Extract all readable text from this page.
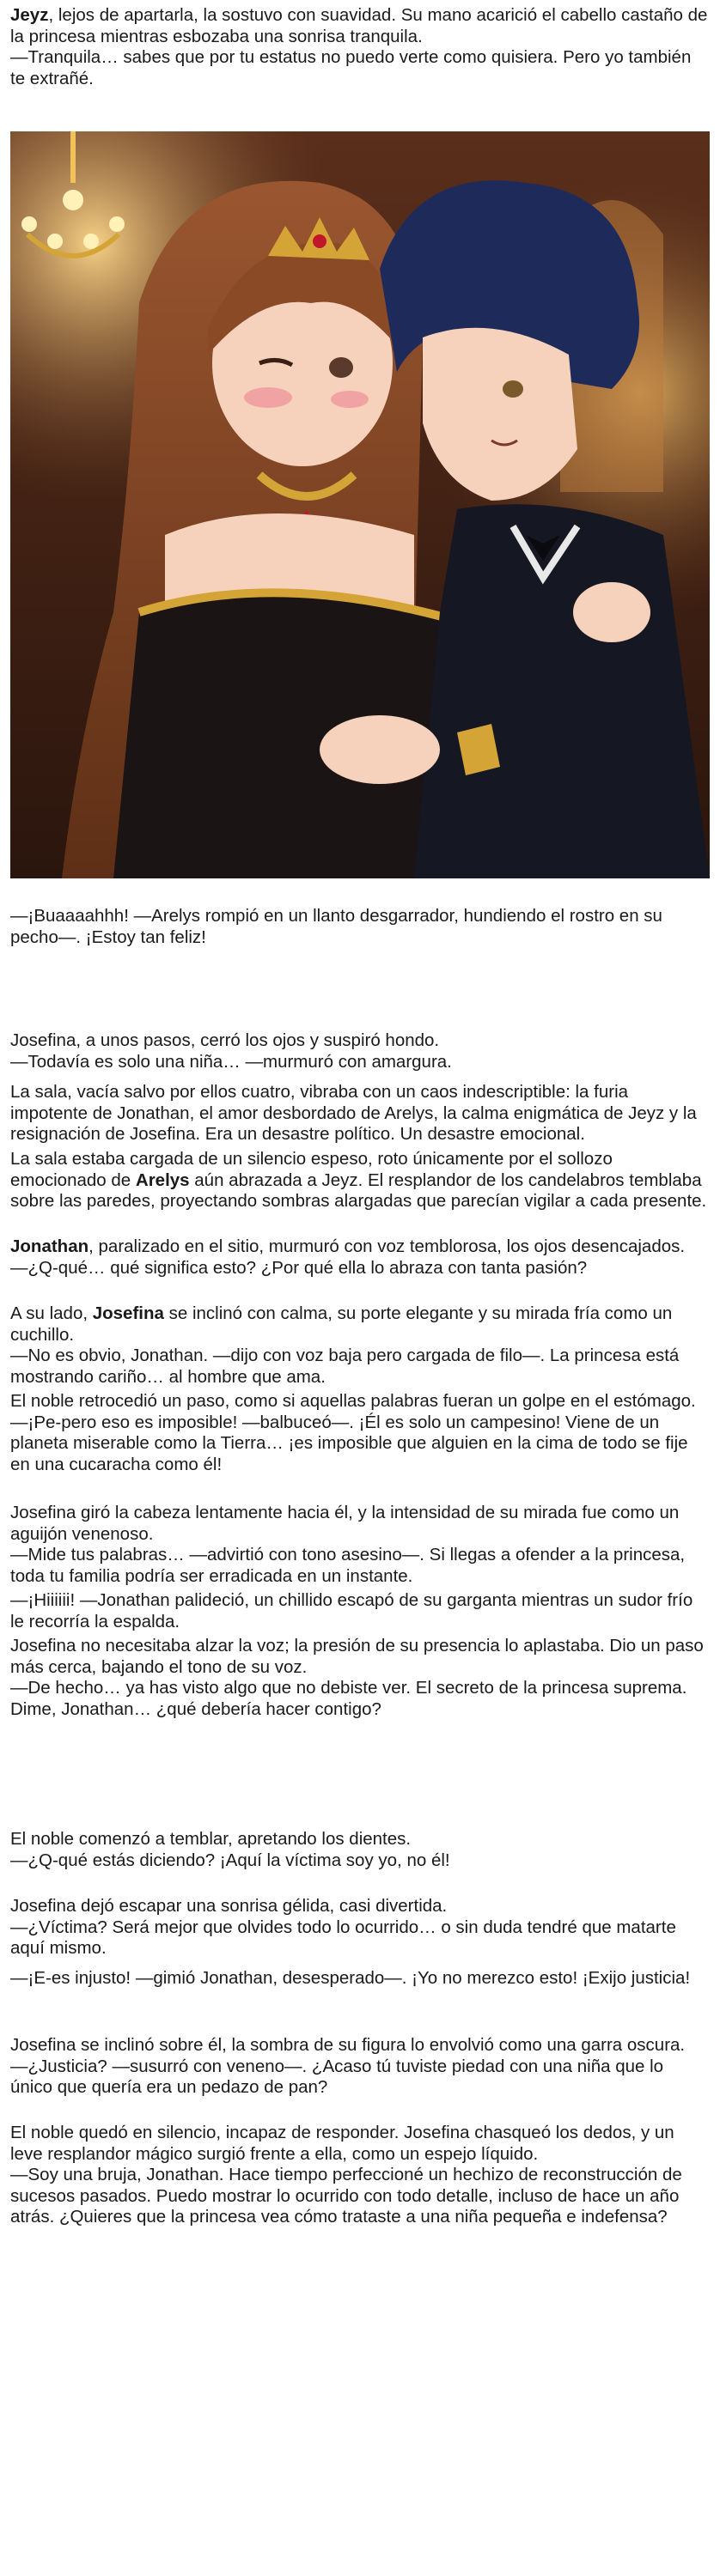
Jeyz, lejos de apartarla, la sostuvo con suavidad. Su mano acarició el cabello castaño de la princesa mientras esbozaba una sonrisa tranquila.
—Tranquila… sabes que por tu estatus no puedo verte como quisiera. Pero yo también te extrañé.

—¡Buaaaahhh! —Arelys rompió en un llanto desgarrador, hundiendo el rostro en su pecho—. ¡Estoy tan feliz!

Josefina, a unos pasos, cerró los ojos y suspiró hondo.
—Todavía es solo una niña… —murmuró con amargura.

La sala, vacía salvo por ellos cuatro, vibraba con un caos indescriptible: la furia impotente de Jonathan, el amor desbordado de Arelys, la calma enigmática de Jeyz y la resignación de Josefina. Era un desastre político. Un desastre emocional.

La sala estaba cargada de un silencio espeso, roto únicamente por el sollozo emocionado de Arelys aún abrazada a Jeyz. El resplandor de los candelabros temblaba sobre las paredes, proyectando sombras alargadas que parecían vigilar a cada presente.

Jonathan, paralizado en el sitio, murmuró con voz temblorosa, los ojos desencajados.
—¿Q-qué… qué significa esto? ¿Por qué ella lo abraza con tanta pasión?

A su lado, Josefina se inclinó con calma, su porte elegante y su mirada fría como un cuchillo.
—No es obvio, Jonathan. —dijo con voz baja pero cargada de filo—. La princesa está mostrando cariño… al hombre que ama.

El noble retrocedió un paso, como si aquellas palabras fueran un golpe en el estómago.
—¡Pe-pero eso es imposible! —balbuceó—. ¡Él es solo un campesino! Viene de un planeta miserable como la Tierra… ¡es imposible que alguien en la cima de todo se fije en una cucaracha como él!

Josefina giró la cabeza lentamente hacia él, y la intensidad de su mirada fue como un aguijón venenoso.
—Mide tus palabras… —advirtió con tono asesino—. Si llegas a ofender a la princesa, toda tu familia podría ser erradicada en un instante.

—¡Hiiiiii! —Jonathan palideció, un chillido escapó de su garganta mientras un sudor frío le recorría la espalda.

Josefina no necesitaba alzar la voz; la presión de su presencia lo aplastaba. Dio un paso más cerca, bajando el tono de su voz.
—De hecho… ya has visto algo que no debiste ver. El secreto de la princesa suprema. Dime, Jonathan… ¿qué debería hacer contigo?

El noble comenzó a temblar, apretando los dientes.
—¿Q-qué estás diciendo? ¡Aquí la víctima soy yo, no él!

Josefina dejó escapar una sonrisa gélida, casi divertida.
—¿Víctima? Será mejor que olvides todo lo ocurrido… o sin duda tendré que matarte aquí mismo.

—¡E-es injusto! —gimió Jonathan, desesperado—. ¡Yo no merezco esto! ¡Exijo justicia!

Josefina se inclinó sobre él, la sombra de su figura lo envolvió como una garra oscura.
—¿Justicia? —susurró con veneno—. ¿Acaso tú tuviste piedad con una niña que lo único que quería era un pedazo de pan?

El noble quedó en silencio, incapaz de responder. Josefina chasqueó los dedos, y un leve resplandor mágico surgió frente a ella, como un espejo líquido.
—Soy una bruja, Jonathan. Hace tiempo perfeccioné un hechizo de reconstrucción de sucesos pasados. Puedo mostrar lo ocurrido con todo detalle, incluso de hace un año atrás. ¿Quieres que la princesa vea cómo trataste a una niña pequeña e indefensa?
